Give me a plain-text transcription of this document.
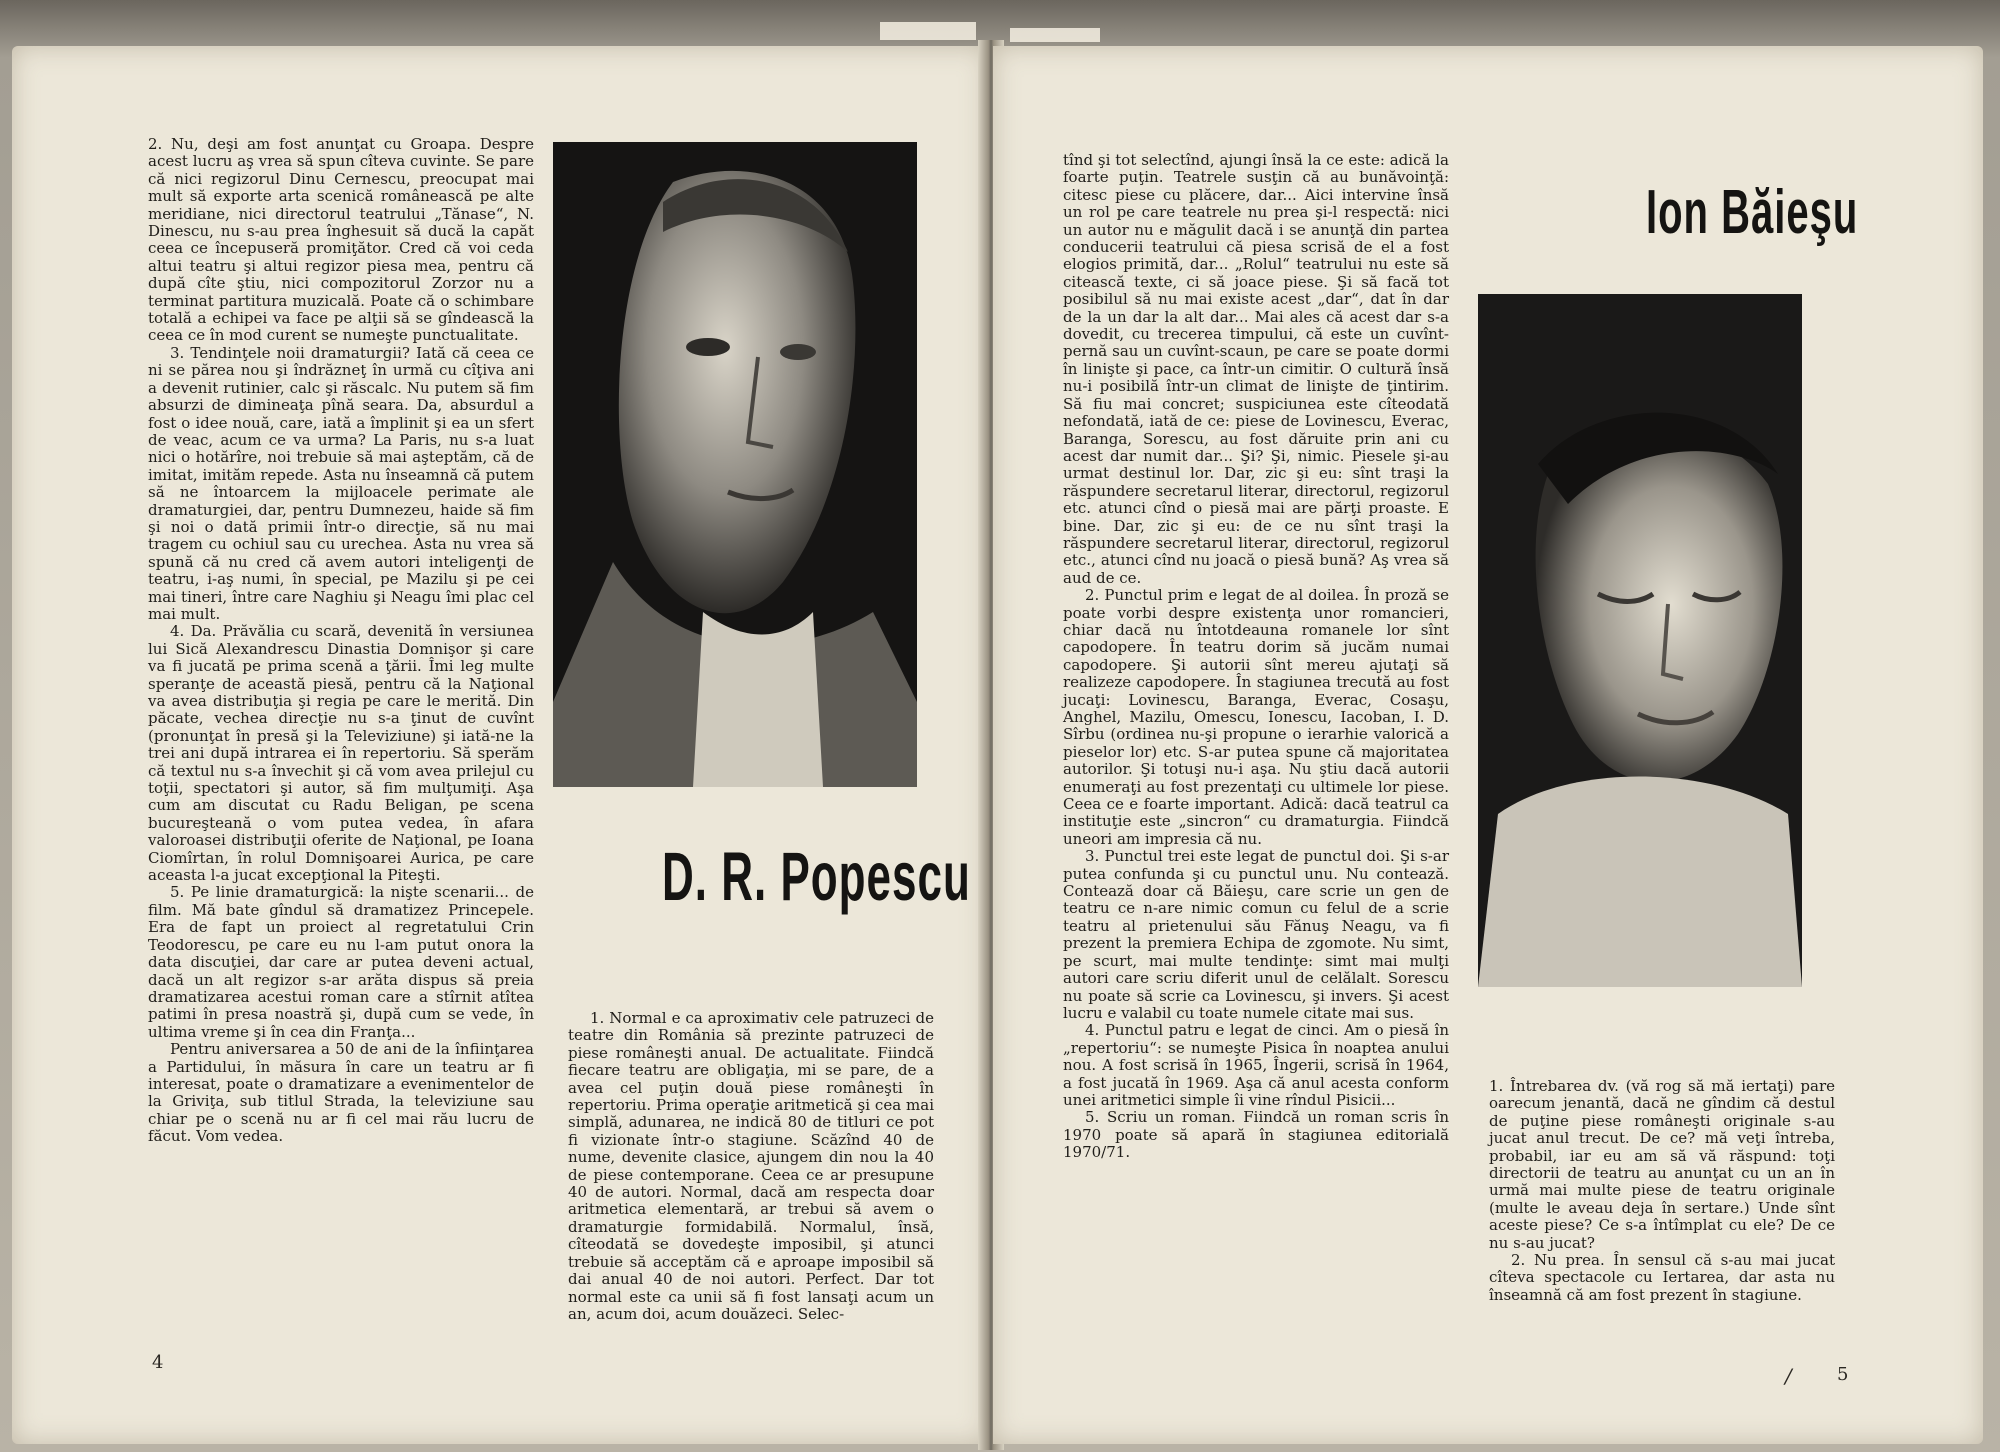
2. Nu, deşi am fost anunţat cu Groapa. Despre acest lucru aş vrea să spun cîteva cuvinte. Se pare că nici regizorul Dinu Cernescu, preocupat mai mult să exporte arta scenică românească pe alte meridiane, nici directorul teatrului „Tănase“, N. Dinescu, nu s-au prea înghesuit să ducă la capăt ceea ce începuseră promiţător. Cred că voi ceda altui teatru şi altui regizor piesa mea, pentru că după cîte ştiu, nici compozitorul Zorzor nu a terminat partitura muzicală. Poate că o schimbare totală a echipei va face pe alţii să se gîndească la ceea ce în mod curent se numeşte punctualitate.

3. Tendinţele noii dramaturgii? Iată că ceea ce ni se părea nou şi îndrăzneţ în urmă cu cîţiva ani a devenit rutinier, calc şi răscalc. Nu putem să fim absurzi de dimineaţa pînă seara. Da, absurdul a fost o idee nouă, care, iată a împlinit şi ea un sfert de veac, acum ce va urma? La Paris, nu s-a luat nici o hotărîre, noi trebuie să mai aşteptăm, că de imitat, imităm repede. Asta nu înseamnă că putem să ne întoarcem la mijloacele perimate ale dramaturgiei, dar, pentru Dumnezeu, haide să fim şi noi o dată primii într-o direcţie, să nu mai tragem cu ochiul sau cu urechea. Asta nu vrea să spună că nu cred că avem autori inteligenţi de teatru, i-aş numi, în special, pe Mazilu şi pe cei mai tineri, între care Naghiu şi Neagu îmi plac cel mai mult.

4. Da. Prăvălia cu scară, devenită în versiunea lui Sică Alexandrescu Dinastia Domnişor şi care va fi jucată pe prima scenă a ţării. Îmi leg multe speranţe de această piesă, pentru că la Naţional va avea distribuţia şi regia pe care le merită. Din păcate, vechea direcţie nu s-a ţinut de cuvînt (pronunţat în presă şi la Televiziune) şi iată-ne la trei ani după intrarea ei în repertoriu. Să sperăm că textul nu s-a învechit şi că vom avea prilejul cu toţii, spectatori şi autor, să fim mulţumiţi. Aşa cum am discutat cu Radu Beligan, pe scena bucureşteană o vom putea vedea, în afara valoroasei distribuţii oferite de Naţional, pe Ioana Ciomîrtan, în rolul Domnişoarei Aurica, pe care aceasta l-a jucat excepţional la Piteşti.

5. Pe linie dramaturgică: la nişte scenarii... de film. Mă bate gîndul să dramatizez Princepele. Era de fapt un proiect al regretatului Crin Teodorescu, pe care eu nu l-am putut onora la data discuţiei, dar care ar putea deveni actual, dacă un alt regizor s-ar arăta dispus să preia dramatizarea acestui roman care a stîrnit atîtea patimi în presa noastră şi, după cum se vede, în ultima vreme şi în cea din Franţa...

Pentru aniversarea a 50 de ani de la înfiinţarea a Partidului, în măsura în care un teatru ar fi interesat, poate o dramatizare a evenimentelor de la Griviţa, sub titlul Strada, la televiziune sau chiar pe o scenă nu ar fi cel mai rău lucru de făcut. Vom vedea.

D. R. Popescu

1. Normal e ca aproximativ cele patruzeci de teatre din România să prezinte patruzeci de piese româneşti anual. De actualitate. Fiindcă fiecare teatru are obligaţia, mi se pare, de a avea cel puţin două piese româneşti în repertoriu. Prima operaţie aritmetică şi cea mai simplă, adunarea, ne indică 80 de titluri ce pot fi vizionate într-o stagiune. Scăzînd 40 de nume, devenite clasice, ajungem din nou la 40 de piese contemporane. Ceea ce ar presupune 40 de autori. Normal, dacă am respecta doar aritmetica elementară, ar trebui să avem o dramaturgie formidabilă. Normalul, însă, cîteodată se dovedeşte imposibil, şi atunci trebuie să acceptăm că e aproape imposibil să dai anual 40 de noi autori. Perfect. Dar tot normal este ca unii să fi fost lansaţi acum un an, acum doi, acum douăzeci. Selec-

4

tînd şi tot selectînd, ajungi însă la ce este: adică la foarte puţin. Teatrele susţin că au bunăvoinţă: citesc piese cu plăcere, dar... Aici intervine însă un rol pe care teatrele nu prea şi-l respectă: nici un autor nu e măgulit dacă i se anunţă din partea conducerii teatrului că piesa scrisă de el a fost elogios primită, dar... „Rolul“ teatrului nu este să citească texte, ci să joace piese. Şi să facă tot posibilul să nu mai existe acest „dar“, dat în dar de la un dar la alt dar... Mai ales că acest dar s-a dovedit, cu trecerea timpului, că este un cuvînt-pernă sau un cuvînt-scaun, pe care se poate dormi în linişte şi pace, ca într-un cimitir. O cultură însă nu-i posibilă într-un climat de linişte de ţintirim. Să fiu mai concret; suspiciunea este cîteodată nefondată, iată de ce: piese de Lovinescu, Everac, Baranga, Sorescu, au fost dăruite prin ani cu acest dar numit dar... Şi? Şi, nimic. Piesele şi-au urmat destinul lor. Dar, zic şi eu: sînt traşi la răspundere secretarul literar, directorul, regizorul etc. atunci cînd o piesă mai are părţi proaste. E bine. Dar, zic şi eu: de ce nu sînt traşi la răspundere secretarul literar, directorul, regizorul etc., atunci cînd nu joacă o piesă bună? Aş vrea să aud de ce.

2. Punctul prim e legat de al doilea. În proză se poate vorbi despre existenţa unor romancieri, chiar dacă nu întotdeauna romanele lor sînt capodopere. În teatru dorim să jucăm numai capodopere. Şi autorii sînt mereu ajutaţi să realizeze capodopere. În stagiunea trecută au fost jucaţi: Lovinescu, Baranga, Everac, Cosaşu, Anghel, Mazilu, Omescu, Ionescu, Iacoban, I. D. Sîrbu (ordinea nu-şi propune o ierarhie valorică a pieselor lor) etc. S-ar putea spune că majoritatea autorilor. Şi totuşi nu-i aşa. Nu ştiu dacă autorii enumeraţi au fost prezentaţi cu ultimele lor piese. Ceea ce e foarte important. Adică: dacă teatrul ca instituţie este „sincron“ cu dramaturgia. Fiindcă uneori am impresia că nu.

3. Punctul trei este legat de punctul doi. Şi s-ar putea confunda şi cu punctul unu. Nu contează. Contează doar că Băieşu, care scrie un gen de teatru ce n-are nimic comun cu felul de a scrie teatru al prietenului său Fănuş Neagu, va fi prezent la premiera Echipa de zgomote. Nu simt, pe scurt, mai multe tendinţe: simt mai mulţi autori care scriu diferit unul de celălalt. Sorescu nu poate să scrie ca Lovinescu, şi invers. Şi acest lucru e valabil cu toate numele citate mai sus.

4. Punctul patru e legat de cinci. Am o piesă în „repertoriu“: se numeşte Pisica în noaptea anului nou. A fost scrisă în 1965, Îngerii, scrisă în 1964, a fost jucată în 1969. Aşa că anul acesta conform unei aritmetici simple îi vine rîndul Pisicii...

5. Scriu un roman. Fiindcă un roman scris în 1970 poate să apară în stagiunea editorială 1970/71.

Ion Băieşu

1. Întrebarea dv. (vă rog să mă iertaţi) pare oarecum jenantă, dacă ne gîndim că destul de puţine piese româneşti originale s-au jucat anul trecut. De ce? mă veţi întreba, probabil, iar eu am să vă răspund: toţi directorii de teatru au anunţat cu un an în urmă mai multe piese de teatru originale (multe le aveau deja în sertare.) Unde sînt aceste piese? Ce s-a întîmplat cu ele? De ce nu s-au jucat?

2. Nu prea. În sensul că s-au mai jucat cîteva spectacole cu Iertarea, dar asta nu înseamnă că am fost prezent în stagiune.

/	5
